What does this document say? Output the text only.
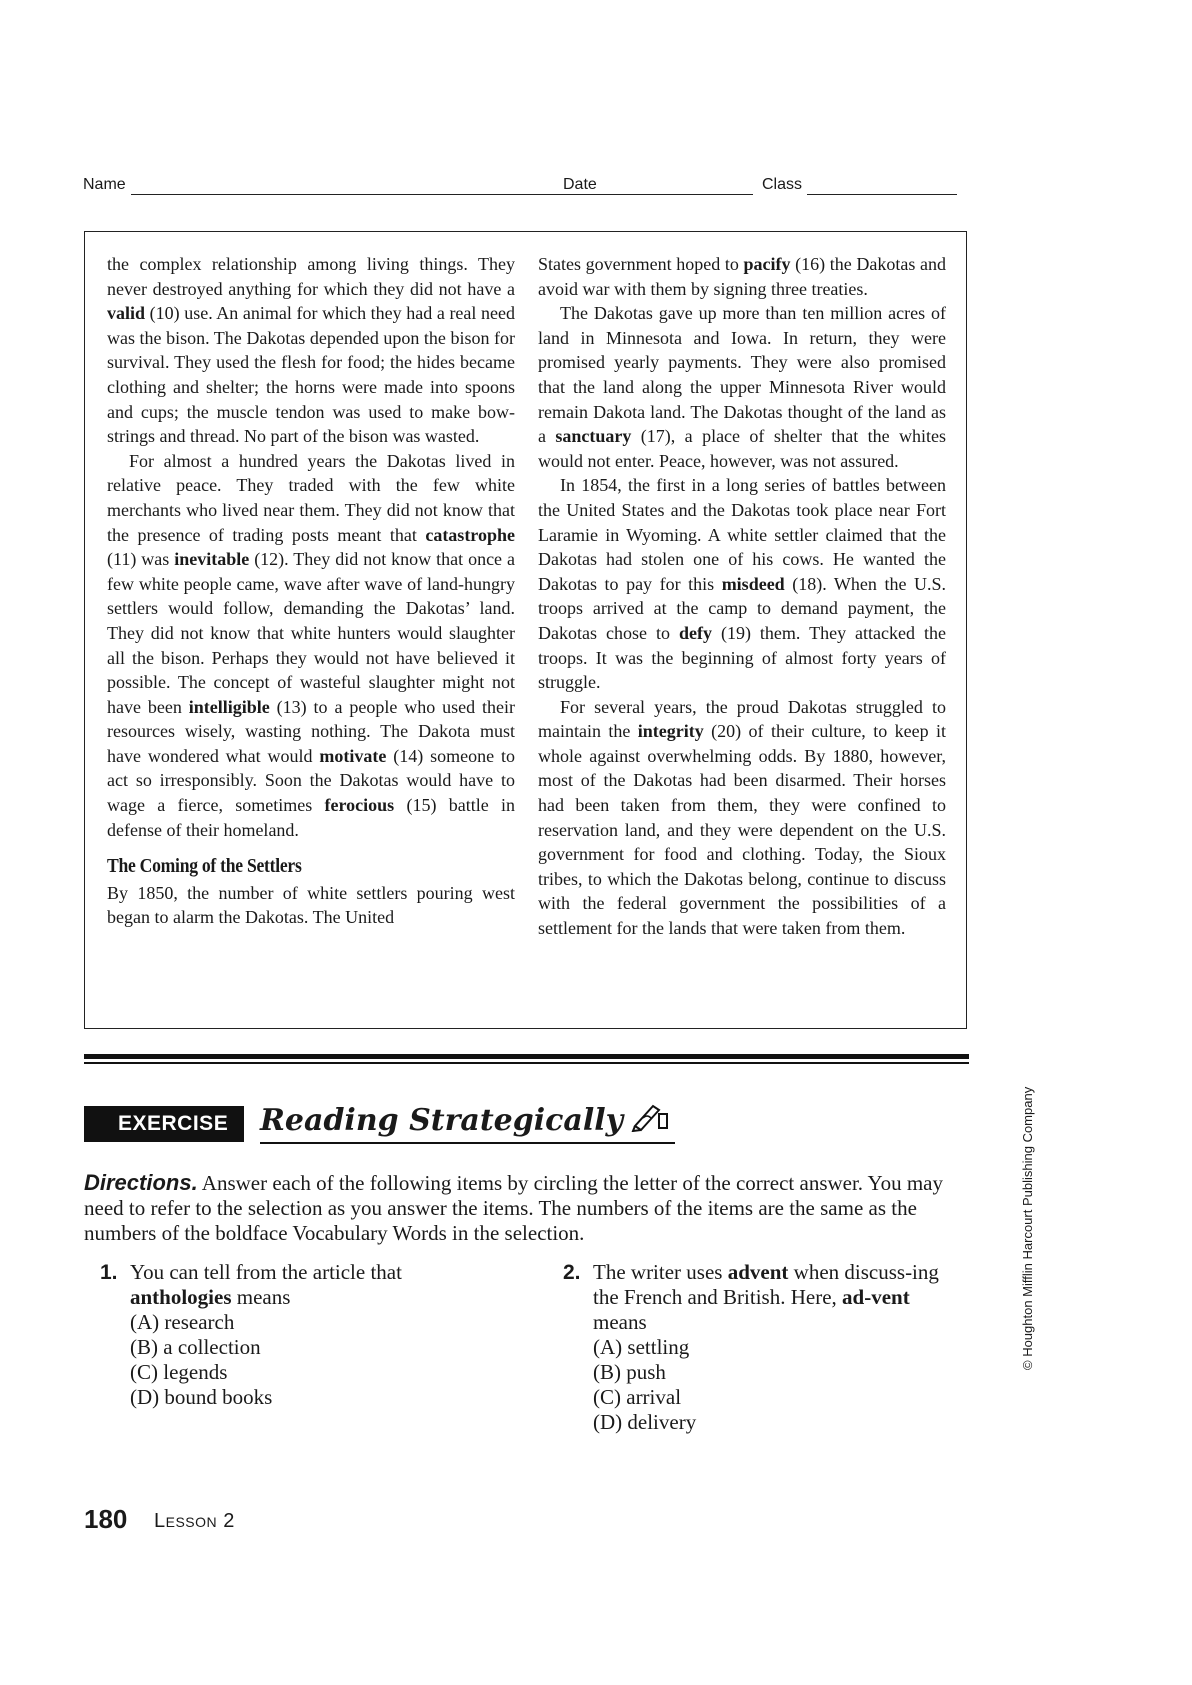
Name	Date	Class

the complex relationship among living things. They never destroyed anything for which they did not have a valid (10) use. An animal for which they had a real need was the bison. The Dakotas depended upon the bison for survival. They used the flesh for food; the hides became clothing and shelter; the horns were made into spoons and cups; the muscle tendon was used to make bow-strings and thread. No part of the bison was wasted.

For almost a hundred years the Dakotas lived in relative peace. They traded with the few white merchants who lived near them. They did not know that the presence of trading posts meant that catastrophe (11) was inevitable (12). They did not know that once a few white people came, wave after wave of land-hungry settlers would follow, demanding the Dakotas’ land. They did not know that white hunters would slaughter all the bison. Perhaps they would not have believed it possible. The concept of wasteful slaughter might not have been intelligible (13) to a people who used their resources wisely, wasting nothing. The Dakota must have wondered what would motivate (14) someone to act so irresponsibly. Soon the Dakotas would have to wage a fierce, sometimes ferocious (15) battle in defense of their homeland.

The Coming of the Settlers

By 1850, the number of white settlers pouring west began to alarm the Dakotas. The United

States government hoped to pacify (16) the Dakotas and avoid war with them by signing three treaties.

The Dakotas gave up more than ten million acres of land in Minnesota and Iowa. In return, they were promised yearly payments. They were also promised that the land along the upper Minnesota River would remain Dakota land. The Dakotas thought of the land as a sanctuary (17), a place of shelter that the whites would not enter. Peace, however, was not assured.

In 1854, the first in a long series of battles between the United States and the Dakotas took place near Fort Laramie in Wyoming. A white settler claimed that the Dakotas had stolen one of his cows. He wanted the Dakotas to pay for this misdeed (18). When the U.S. troops arrived at the camp to demand payment, the Dakotas chose to defy (19) them. They attacked the troops. It was the beginning of almost forty years of struggle.

For several years, the proud Dakotas struggled to maintain the integrity (20) of their culture, to keep it whole against overwhelming odds. By 1880, however, most of the Dakotas had been disarmed. Their horses had been taken from them, they were confined to reservation land, and they were dependent on the U.S. government for food and clothing. Today, the Sioux tribes, to which the Dakotas belong, continue to discuss with the federal government the possibilities of a settlement for the lands that were taken from them.

EXERCISE	Reading Strategically
Directions. Answer each of the following items by circling the letter of the correct answer. You may need to refer to the selection as you answer the items. The numbers of the items are the same as the numbers of the boldface Vocabulary Words in the selection.
1. You can tell from the article that anthologies means
(A) research
(B) a collection
(C) legends
(D) bound books
2. The writer uses advent when discuss-ing the French and British. Here, ad-vent means
(A) settling
(B) push
(C) arrival
(D) delivery
180 Lesson 2
© Houghton Mifflin Harcourt Publishing Company
